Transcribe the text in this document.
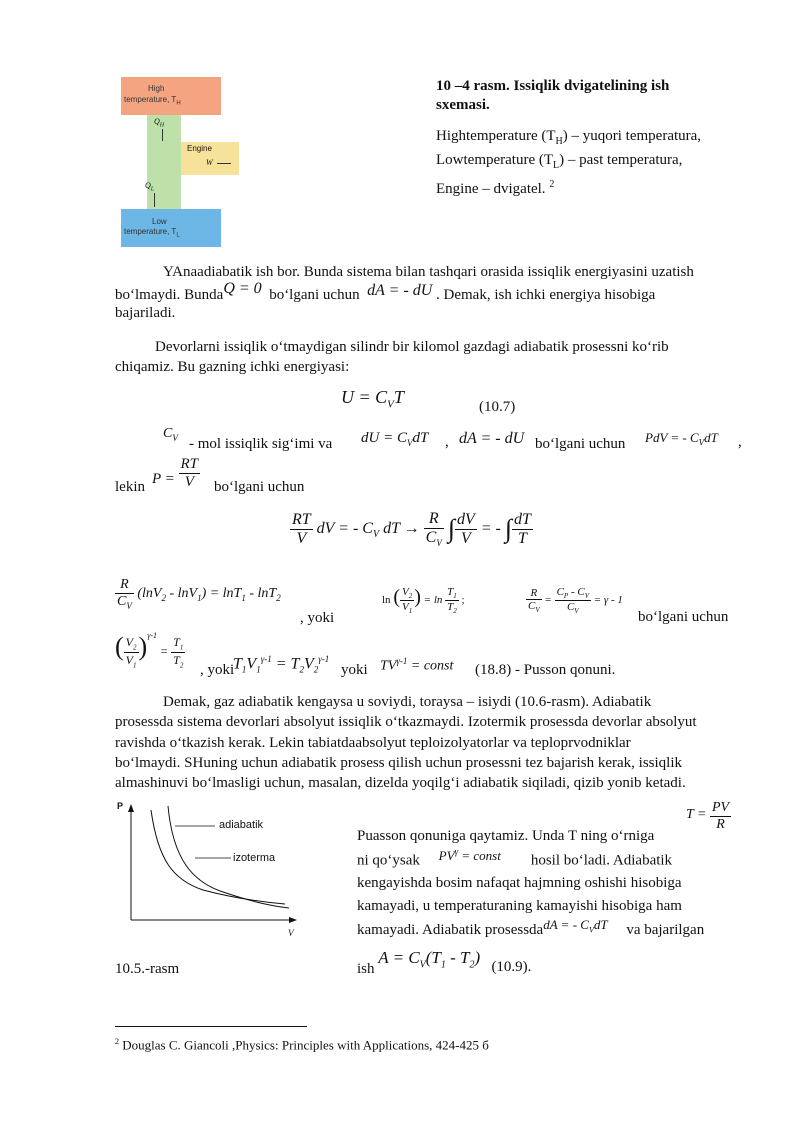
High
temperature, $T_H$
$Q_H$
Engine
W
$Q_L$
Low
temperature, $T_L$
10 –4 rasm. Issiqlik dvigatelining ish
sxemasi.
Hightemperature $(T_H)$ – yuqori temperatura,
Lowtemperature $(T_L)$ – past temperatura,
Engine – dvigatel. $^2$
YAnaadiabatik ish bor. Bunda sistema bilan tashqari orasida issiqlik energiyasini uzatish
bo‘lmaydi. BundaQ = 0 bo‘lgani uchun dA = - dU . Demak, ish ichki energiya hisobiga
bajariladi.
Devorlarni issiqlik o‘tmaydigan silindr bir kilomol gazdagi adiabatik prosessni ko‘rib
chiqamiz. Bu gazning ichki energiyasi:
$U = C_VT$	(10.7)
$C_V$ - mol issiqlik sig‘imi va dU = $C_VdT$ , dA = - dU bo‘lgani uchun PdV = - $C_VdT$ ,
lekin
$P = \frac{RT}{V}$ bo‘lgani uchun
$\frac{RT}{V}$ dV = - $C_V$ dT → $\frac{R}{C_V}$ ∫ $\frac{dV}{V}$ = - ∫ $\frac{dT}{T}$
$\frac{R}{C_V} (\ln V_2 - \ln V_1) = \ln T_1 - \ln T_2$
, yoki
ln ( $\frac{V_2}{V_1}$ ) = $\ln \frac{T_1}{T_2}$ ;	$\frac{R}{C_V} = \frac{C_P - C_V}{C_V} = \gamma - 1$
bo‘lgani uchun
( $\frac{V_2}{V_1} )^{\gamma-1} = \frac{T_1}{T_2}$
, yoki
$T_1V_1^{\gamma-1} = T_2V_2^{\gamma-1}$
yoki $TV^{\gamma-1}$ = const (18.8) - Pusson qonuni.
Demak, gaz adiabatik kengaysa u soviydi, toraysa – isiydi (10.6-rasm). Adiabatik
prosessda sistema devorlari absolyut issiqlik o‘tkazmaydi. Izotermik prosessda devorlar absolyut
ravishda o‘tkazish kerak. Lekin tabiatdaabsolyut teploizolyatorlar va teploprvodniklar
bo‘lmaydi. SHuning uchun adiabatik prosess qilish uchun prosessni tez bajarish kerak, issiqlik
almashinuvi bo‘lmasligi uchun, masalan, dizelda yoqilg‘i adiabatik siqiladi, qizib yonib ketadi.
P
V
adiabatik
izoterma
10.5.-rasm
$T = \frac{PV}{R}$
Puasson qonuniga qaytamiz. Unda T ning o‘rniga
ni qo‘ysak $PV^\gamma$ = const hosil bo‘ladi. Adiabatik
kengayishda bosim nafaqat hajmning oshishi hisobiga
kamayadi, u temperaturaning kamayishi hisobiga ham
kamayadi. Adiabatik prosessdadA = - $C_VdT$ va bajarilgan
ish $A = C_V(T_1 - T_2)$ (10.9).
$^2$ Douglas C. Giancoli ,Physics: Principles with Applications, 424-425 б
